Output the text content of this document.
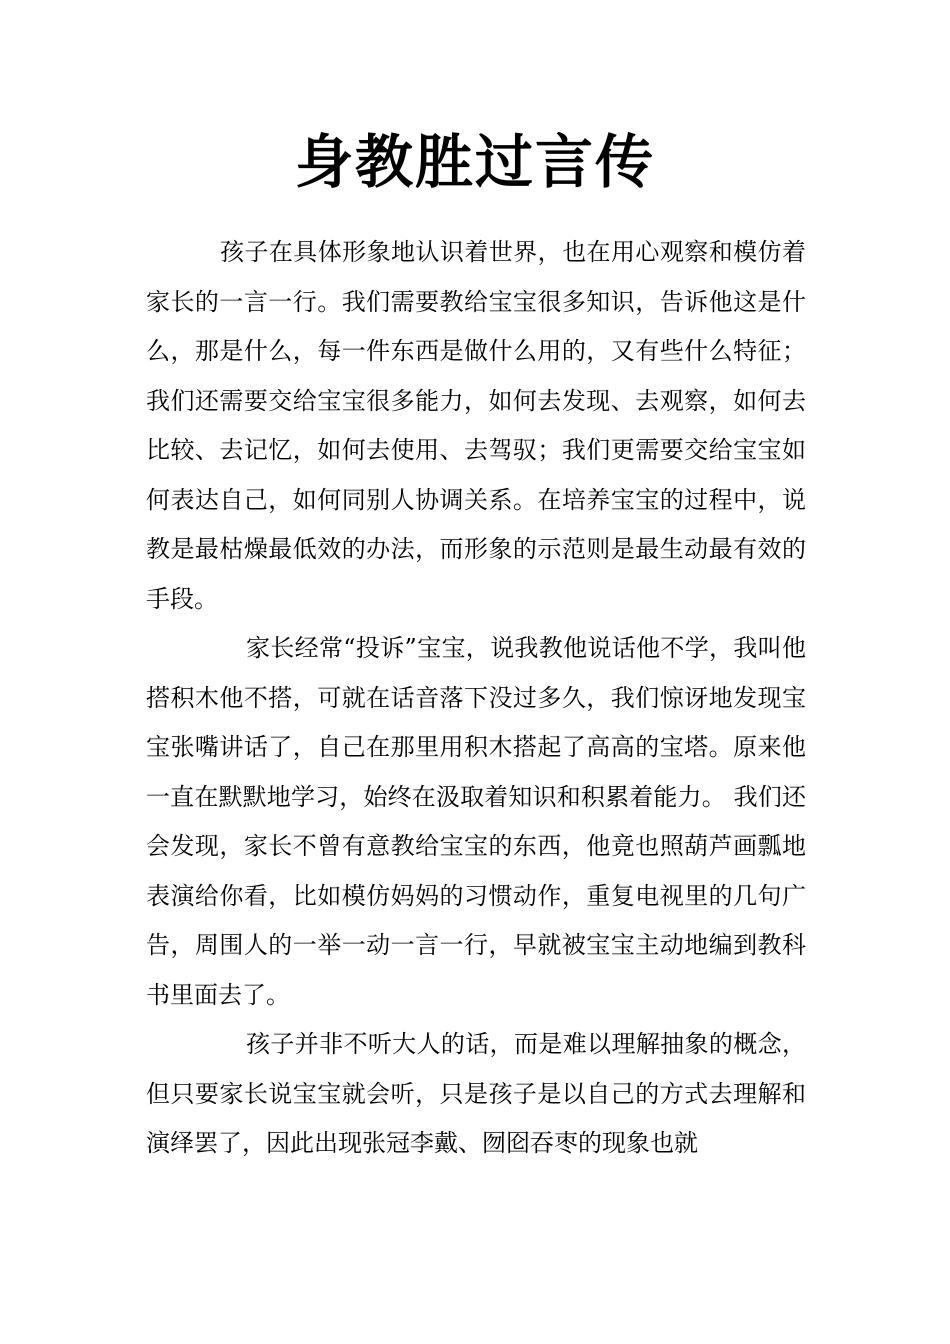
身教胜过言传

孩子在具体形象地认识着世界，也在用心观察和模仿着家长的一言一行。我们需要教给宝宝很多知识，告诉他这是什么，那是什么，每一件东西是做什么用的，又有些什么特征；我们还需要交给宝宝很多能力，如何去发现、去观察，如何去比较、去记忆，如何去使用、去驾驭；我们更需要交给宝宝如何表达自己，如何同别人协调关系。在培养宝宝的过程中，说教是最枯燥最低效的办法，而形象的示范则是最生动最有效的手段。

家长经常“投诉”宝宝，说我教他说话他不学，我叫他搭积木他不搭，可就在话音落下没过多久，我们惊讶地发现宝宝张嘴讲话了，自己在那里用积木搭起了高高的宝塔。原来他一直在默默地学习，始终在汲取着知识和积累着能力。 我们还会发现，家长不曾有意教给宝宝的东西，他竟也照葫芦画瓢地表演给你看，比如模仿妈妈的习惯动作，重复电视里的几句广告，周围人的一举一动一言一行，早就被宝宝主动地编到教科书里面去了。

孩子并非不听大人的话，而是难以理解抽象的概念，但只要家长说宝宝就会听，只是孩子是以自己的方式去理解和演绎罢了，因此出现张冠李戴、囫囵吞枣的现象也就
